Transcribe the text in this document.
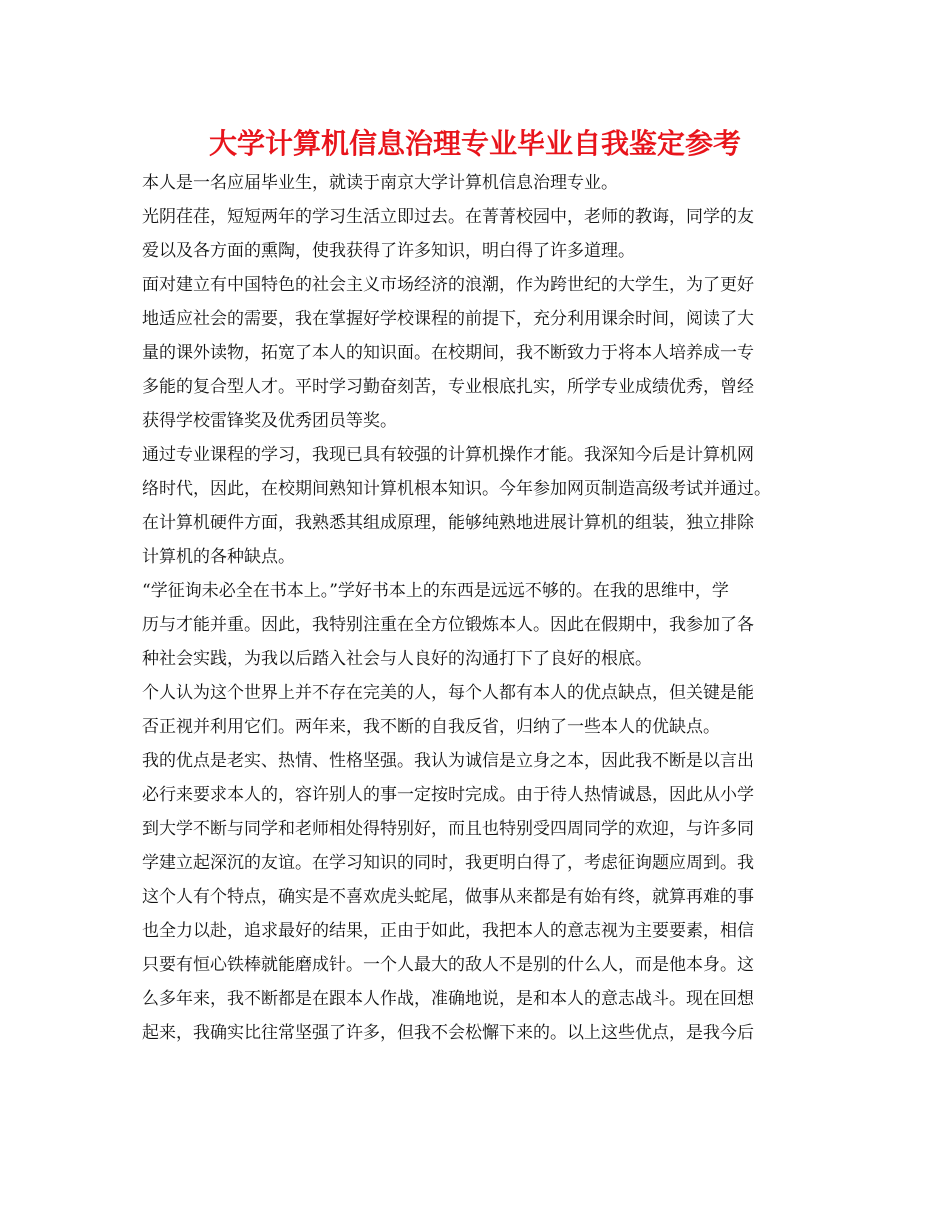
大学计算机信息治理专业毕业自我鉴定参考
本人是一名应届毕业生，就读于南京大学计算机信息治理专业。
光阴荏荏，短短两年的学习生活立即过去。在菁菁校园中，老师的教诲，同学的友
爱以及各方面的熏陶，使我获得了许多知识，明白得了许多道理。
面对建立有中国特色的社会主义市场经济的浪潮，作为跨世纪的大学生，为了更好
地适应社会的需要，我在掌握好学校课程的前提下，充分利用课余时间，阅读了大
量的课外读物，拓宽了本人的知识面。在校期间，我不断致力于将本人培养成一专
多能的复合型人才。平时学习勤奋刻苦，专业根底扎实，所学专业成绩优秀，曾经
获得学校雷锋奖及优秀团员等奖。
通过专业课程的学习，我现已具有较强的计算机操作才能。我深知今后是计算机网
络时代，因此，在校期间熟知计算机根本知识。今年参加网页制造高级考试并通过。
在计算机硬件方面，我熟悉其组成原理，能够纯熟地进展计算机的组装，独立排除
计算机的各种缺点。
“学征询未必全在书本上。”学好书本上的东西是远远不够的。在我的思维中，学
历与才能并重。因此，我特别注重在全方位锻炼本人。因此在假期中，我参加了各
种社会实践，为我以后踏入社会与人良好的沟通打下了良好的根底。
个人认为这个世界上并不存在完美的人，每个人都有本人的优点缺点，但关键是能
否正视并利用它们。两年来，我不断的自我反省，归纳了一些本人的优缺点。
我的优点是老实、热情、性格坚强。我认为诚信是立身之本，因此我不断是以言出
必行来要求本人的，容许别人的事一定按时完成。由于待人热情诚恳，因此从小学
到大学不断与同学和老师相处得特别好，而且也特别受四周同学的欢迎，与许多同
学建立起深沉的友谊。在学习知识的同时，我更明白得了，考虑征询题应周到。我
这个人有个特点，确实是不喜欢虎头蛇尾，做事从来都是有始有终，就算再难的事
也全力以赴，追求最好的结果，正由于如此，我把本人的意志视为主要要素，相信
只要有恒心铁棒就能磨成针。一个人最大的敌人不是别的什么人，而是他本身。这
么多年来，我不断都是在跟本人作战，准确地说，是和本人的意志战斗。现在回想
起来，我确实比往常坚强了许多，但我不会松懈下来的。以上这些优点，是我今后
